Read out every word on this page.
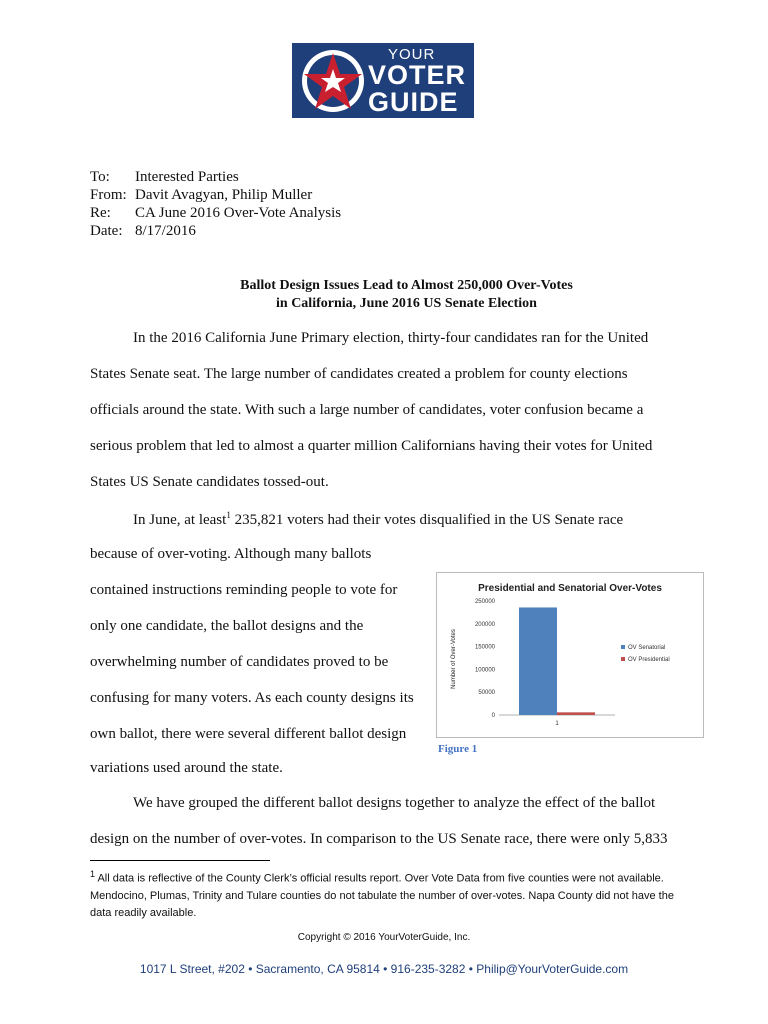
YOUR
VOTER
GUIDE
To:	Interested Parties
From: Davit Avagyan, Philip Muller
Re:	CA June 2016 Over-Vote Analysis
Date: 8/17/2016
Ballot Design Issues Lead to Almost 250,000 Over-Votes
in California, June 2016 US Senate Election
In the 2016 California June Primary election, thirty-four candidates ran for the United
States Senate seat. The large number of candidates created a problem for county elections
officials around the state. With such a large number of candidates, voter confusion became a
serious problem that led to almost a quarter million Californians having their votes for United
States US Senate candidates tossed-out.
In June, at least$^1$ 235,821 voters had their votes disqualified in the US Senate race
because of over-voting. Although many ballots
contained instructions reminding people to vote for
only one candidate, the ballot designs and the
overwhelming number of candidates proved to be
confusing for many voters. As each county designs its
own ballot, there were several different ballot design
variations used around the state.
Presidential and Senatorial Over-Votes
Number of Over-Votes
0
50000
100000
150000
200000
250000
1
OV Senatorial
OV Presidential
Figure 1
We have grouped the different ballot designs together to analyze the effect of the ballot
design on the number of over-votes. In comparison to the US Senate race, there were only 5,833
$^1$ All data is reflective of the County Clerk’s official results report. Over Vote Data from five counties were not available. Mendocino, Plumas, Trinity and Tulare counties do not tabulate the number of over-votes. Napa County did not have the data readily available.
Copyright © 2016 YourVoterGuide, Inc.
1017 L Street, #202 • Sacramento, CA 95814 • 916-235-3282 • Philip@YourVoterGuide.com
